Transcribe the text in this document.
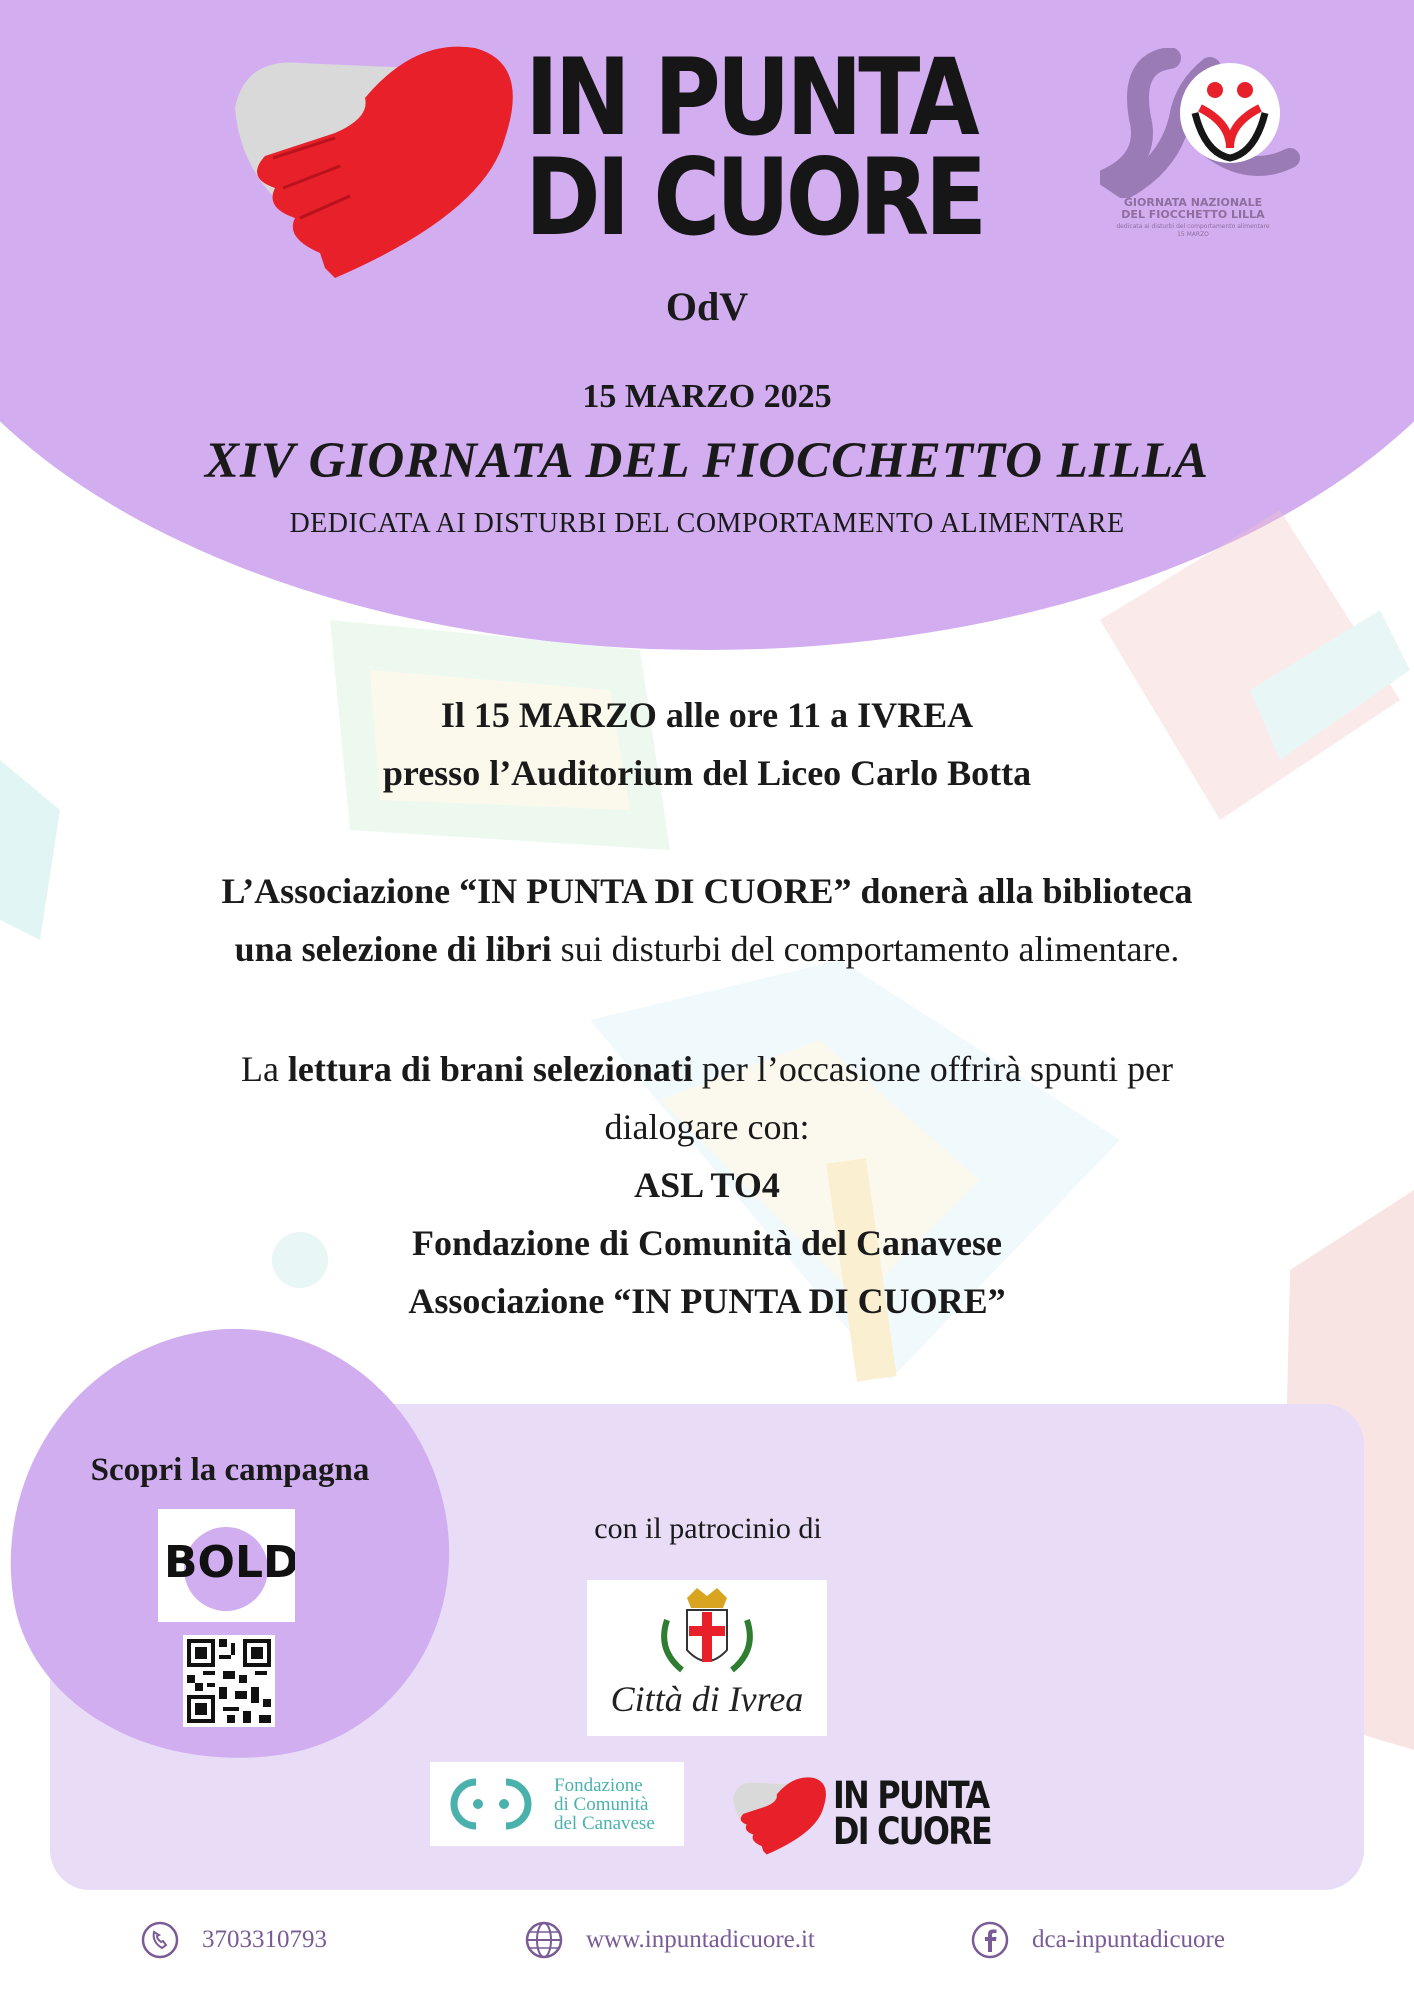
IN PUNTA
DI CUORE
OdV
GIORNATA NAZIONALE
DEL FIOCCHETTO LILLA
dedicata ai disturbi del comportamento alimentare
15 MARZO
15 MARZO 2025
XIV GIORNATA DEL FIOCCHETTO LILLA
DEDICATA AI DISTURBI DEL COMPORTAMENTO ALIMENTARE
Il 15 MARZO alle ore 11 a IVREA
presso l’Auditorium del Liceo Carlo Botta
L’Associazione “IN PUNTA DI CUORE” donerà alla biblioteca
una selezione di libri sui disturbi del comportamento alimentare.
La lettura di brani selezionati per l’occasione offrirà spunti per
dialogare con:
ASL TO4
Fondazione di Comunità del Canavese
Associazione “IN PUNTA DI CUORE”
Scopri la campagna
BOLD
con il patrocinio di
Città di Ivrea
Fondazione
di Comunità
del Canavese
IN PUNTA
DI CUORE
3703310793	www.inpuntadicuore.it	dca-inpuntadicuore
